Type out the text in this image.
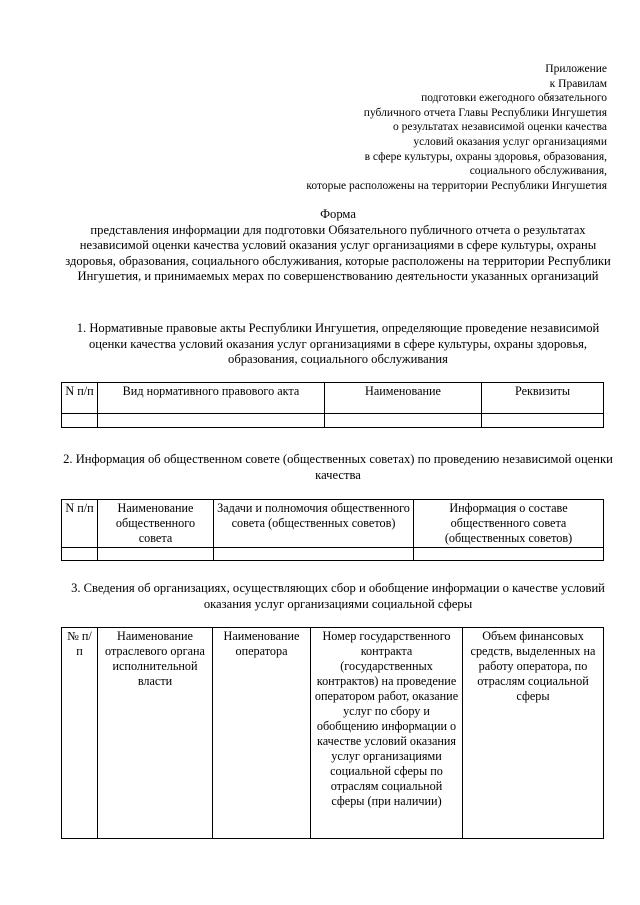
Приложение
к Правилам
подготовки ежегодного обязательного
публичного отчета Главы Республики Ингушетия
о результатах независимой оценки качества
условий оказания услуг организациями
в сфере культуры, охраны здоровья, образования,
социального обслуживания,
которые расположены на территории Республики Ингушетия
Форма
представления информации для подготовки Обязательного публичного отчета о результатах независимой оценки качества условий оказания услуг организациями в сфере культуры, охраны здоровья, образования, социального обслуживания, которые расположены на территории Республики Ингушетия, и принимаемых мерах по совершенствованию деятельности указанных организаций
1. Нормативные правовые акты Республики Ингушетия, определяющие проведение независимой оценки качества условий оказания услуг организациями в сфере культуры, охраны здоровья, образования, социального обслуживания
N п/п	Вид нормативного правового акта	Наименование	Реквизиты

2. Информация об общественном совете (общественных советах) по проведению независимой оценки качества
N п/п	Наименование общественного совета	Задачи и полномочия общественного совета (общественных советов)	Информация о составе общественного совета (общественных советов)

3. Сведения об организациях, осуществляющих сбор и обобщение информации о качестве условий оказания услуг организациями социальной сферы
№ п/п	Наименование отраслевого органа исполнительной власти	Наименование оператора	Номер государственного контракта (государственных контрактов) на проведение оператором работ, оказание услуг по сбору и обобщению информации о качестве условий оказания услуг организациями социальной сферы по отраслям социальной сферы (при наличии)	Объем финансовых средств, выделенных на работу оператора, по отраслям социальной сферы
